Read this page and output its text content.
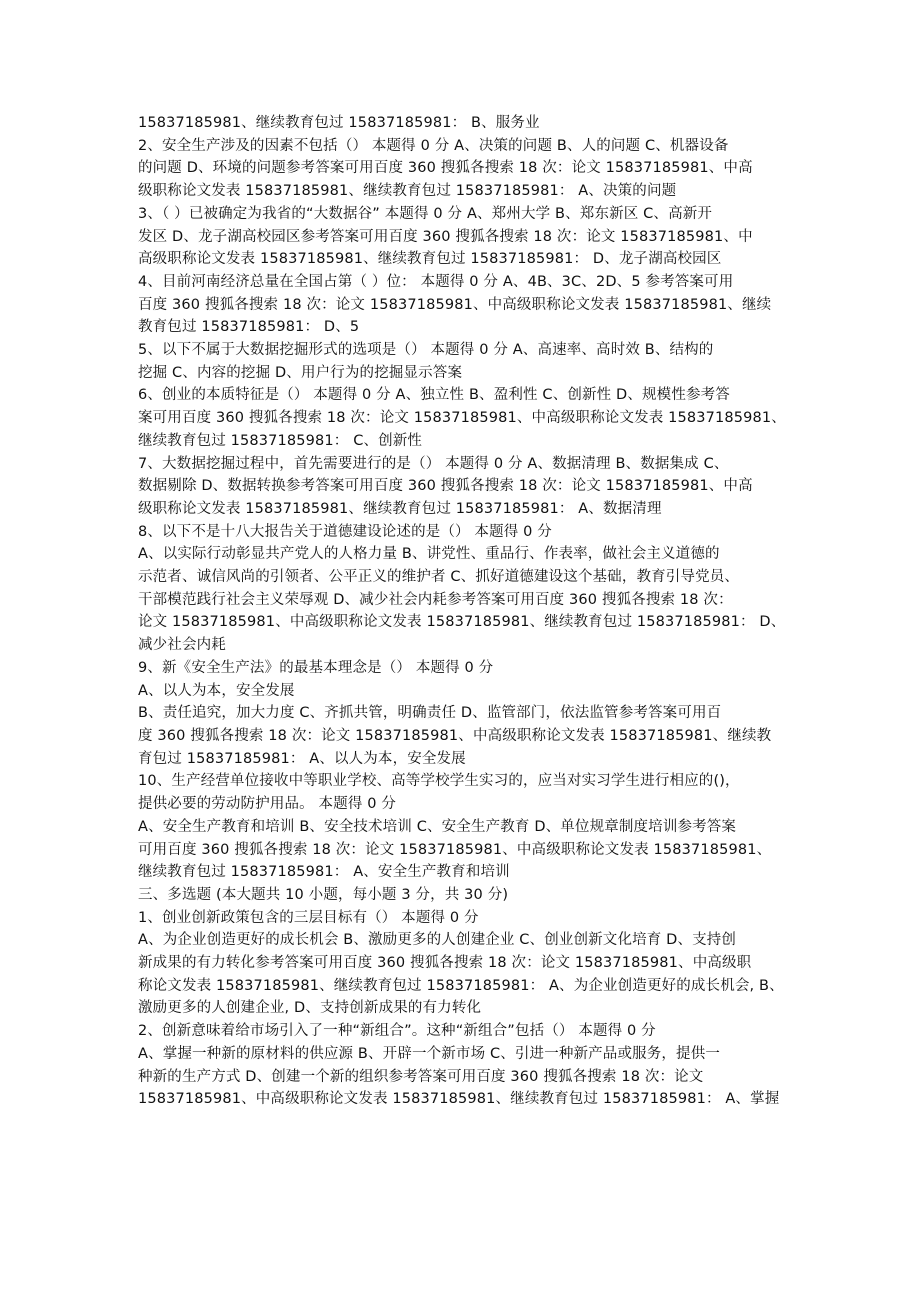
15837185981、继续教育包过 15837185981： B、服务业
2、安全生产涉及的因素不包括（） 本题得 0 分 A、决策的问题 B、人的问题 C、机器设备
的问题 D、环境的问题参考答案可用百度 360 搜狐各搜索 18 次：论文 15837185981、中高
级职称论文发表 15837185981、继续教育包过 15837185981： A、决策的问题
3、（ ）已被确定为我省的“大数据谷” 本题得 0 分 A、郑州大学 B、郑东新区 C、高新开
发区 D、龙子湖高校园区参考答案可用百度 360 搜狐各搜索 18 次：论文 15837185981、中
高级职称论文发表 15837185981、继续教育包过 15837185981： D、龙子湖高校园区
4、目前河南经济总量在全国占第（ ）位： 本题得 0 分 A、4B、3C、2D、5 参考答案可用
百度 360 搜狐各搜索 18 次：论文 15837185981、中高级职称论文发表 15837185981、继续
教育包过 15837185981： D、5
5、以下不属于大数据挖掘形式的选项是（） 本题得 0 分 A、高速率、高时效 B、结构的
挖掘 C、内容的挖掘 D、用户行为的挖掘显示答案
6、创业的本质特征是（） 本题得 0 分 A、独立性 B、盈利性 C、创新性 D、规模性参考答
案可用百度 360 搜狐各搜索 18 次：论文 15837185981、中高级职称论文发表 15837185981、
继续教育包过 15837185981： C、创新性
7、大数据挖掘过程中，首先需要进行的是（） 本题得 0 分 A、数据清理 B、数据集成 C、
数据剔除 D、数据转换参考答案可用百度 360 搜狐各搜索 18 次：论文 15837185981、中高
级职称论文发表 15837185981、继续教育包过 15837185981： A、数据清理
8、以下不是十八大报告关于道德建设论述的是（） 本题得 0 分
A、以实际行动彰显共产党人的人格力量 B、讲党性、重品行、作表率，做社会主义道德的
示范者、诚信风尚的引领者、公平正义的维护者 C、抓好道德建设这个基础，教育引导党员、
干部模范践行社会主义荣辱观 D、减少社会内耗参考答案可用百度 360 搜狐各搜索 18 次：
论文 15837185981、中高级职称论文发表 15837185981、继续教育包过 15837185981： D、
减少社会内耗
9、新《安全生产法》的最基本理念是（） 本题得 0 分
A、以人为本，安全发展
B、责任追究，加大力度 C、齐抓共管，明确责任 D、监管部门，依法监管参考答案可用百
度 360 搜狐各搜索 18 次：论文 15837185981、中高级职称论文发表 15837185981、继续教
育包过 15837185981： A、以人为本，安全发展
10、生产经营单位接收中等职业学校、高等学校学生实习的，应当对实习学生进行相应的()，
提供必要的劳动防护用品。 本题得 0 分
A、安全生产教育和培训 B、安全技术培训 C、安全生产教育 D、单位规章制度培训参考答案
可用百度 360 搜狐各搜索 18 次：论文 15837185981、中高级职称论文发表 15837185981、
继续教育包过 15837185981： A、安全生产教育和培训
三、多选题 (本大题共 10 小题，每小题 3 分，共 30 分)
1、创业创新政策包含的三层目标有（） 本题得 0 分
A、为企业创造更好的成长机会 B、激励更多的人创建企业 C、创业创新文化培育 D、支持创
新成果的有力转化参考答案可用百度 360 搜狐各搜索 18 次：论文 15837185981、中高级职
称论文发表 15837185981、继续教育包过 15837185981： A、为企业创造更好的成长机会, B、
激励更多的人创建企业, D、支持创新成果的有力转化
2、创新意味着给市场引入了一种“新组合”。这种“新组合”包括（） 本题得 0 分
A、掌握一种新的原材料的供应源 B、开辟一个新市场 C、引进一种新产品或服务，提供一
种新的生产方式 D、创建一个新的组织参考答案可用百度 360 搜狐各搜索 18 次：论文
15837185981、中高级职称论文发表 15837185981、继续教育包过 15837185981： A、掌握
